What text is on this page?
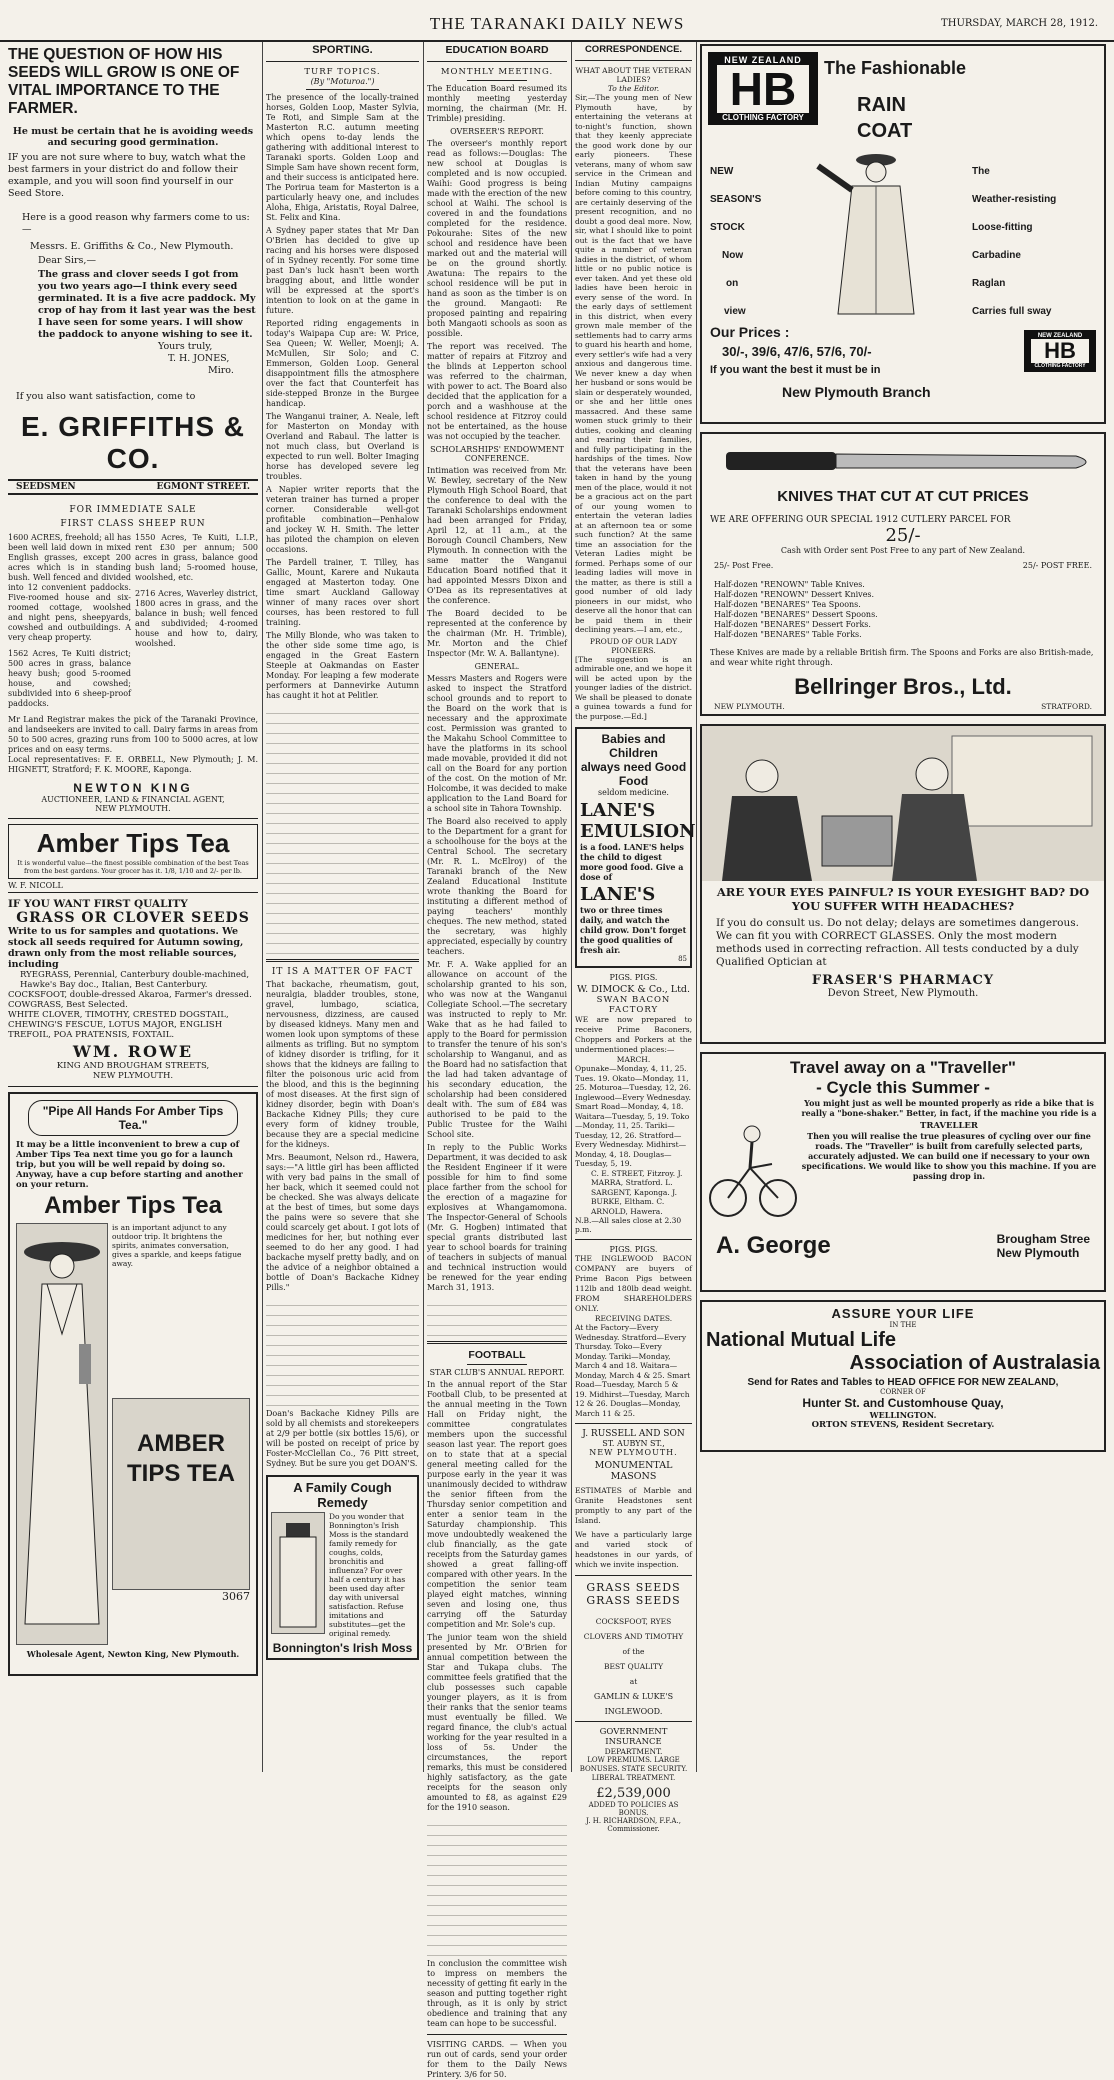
THE TARANAKI DAILY NEWS	THURSDAY, MARCH 28, 1912.

THE QUESTION OF HOW HIS SEEDS WILL GROW IS ONE OF VITAL IMPORTANCE TO THE FARMER.

He must be certain that he is avoiding weeds and securing good germination.

IF you are not sure where to buy, watch what the best farmers in your district do and follow their example, and you will soon find yourself in our Seed Store.

Here is a good reason why farmers come to us:—

Messrs. E. Griffiths & Co., New Plymouth.

Dear Sirs,—

The grass and clover seeds I got from you two years ago—I think every seed germinated. It is a five acre paddock. My crop of hay from it last year was the best I have seen for some years. I will show the paddock to anyone wishing to see it.

Yours truly,

T. H. JONES,

Miro.

If you also want satisfaction, come to

E. GRIFFITHS & CO.

SEEDSMEN	EGMONT STREET.

FOR IMMEDIATE SALE

FIRST CLASS SHEEP RUN

1600 ACRES, freehold; all has been well laid down in mixed English grasses, except 200 acres which is in standing bush. Well fenced and divided into 12 convenient paddocks. Five-roomed house and six-roomed cottage, woolshed and night pens, sheepyards, cowshed and outbuildings. A very cheap property.

1562 Acres, Te Kuiti district; 500 acres in grass, balance heavy bush; good 5-roomed house, and cowshed; subdivided into 6 sheep-proof paddocks.

1550 Acres, Te Kuiti, L.I.P., rent £30 per annum; 500 acres in grass, balance good bush land; 5-roomed house, woolshed, etc.

2716 Acres, Waverley district, 1800 acres in grass, and the balance in bush; well fenced and subdivided; 4-roomed house and how to, dairy, woolshed.

Mr Land Registrar makes the pick of the Taranaki Province, and landseekers are invited to call. Dairy farms in areas from 50 to 500 acres, grazing runs from 100 to 5000 acres, at low prices and on easy terms.

Local representatives: F. E. ORBELL, New Plymouth; J. M. HIGNETT, Stratford; F. K. MOORE, Kaponga.

NEWTON KING

AUCTIONEER, LAND & FINANCIAL AGENT,

NEW PLYMOUTH.

Amber Tips Tea

It is wonderful value—the finest possible combination of the best Teas from the best gardens. Your grocer has it. 1/8, 1/10 and 2/- per lb.

W. F. NICOLL

IF YOU WANT FIRST QUALITY

GRASS OR CLOVER SEEDS

Write to us for samples and quotations. We stock all seeds required for Autumn sowing, drawn only from the most reliable sources, including

RYEGRASS, Perennial, Canterbury double-machined, Hawke's Bay doc., Italian, Best Canterbury.

COCKSFOOT, double-dressed Akaroa, Farmer's dressed.

COWGRASS, Best Selected.

WHITE CLOVER, TIMOTHY, CRESTED DOGSTAIL, CHEWING'S FESCUE, LOTUS MAJOR, ENGLISH TREFOIL, POA PRATENSIS, FOXTAIL.

WM. ROWE

KING AND BROUGHAM STREETS,

NEW PLYMOUTH.

"Pipe All Hands For Amber Tips Tea."

It may be a little inconvenient to brew a cup of Amber Tips Tea next time you go for a launch trip, but you will be well repaid by doing so. Anyway, have a cup before starting and another on your return.

Amber Tips Tea

is an important adjunct to any outdoor trip. It brightens the spirits, animates conversation, gives a sparkle, and keeps fatigue away.

AMBER TIPS TEA

3067

Wholesale Agent, Newton King, New Plymouth.

SPORTING.

TURF TOPICS.

(By "Moturoa.")

The presence of the locally-trained horses, Golden Loop, Master Sylvia, Te Roti, and Simple Sam at the Masterton R.C. autumn meeting which opens to-day lends the gathering with additional interest to Taranaki sports. Golden Loop and Simple Sam have shown recent form, and their success is anticipated here. The Porirua team for Masterton is a particularly heavy one, and includes Aloha, Ehiga, Aristatis, Royal Dalree, St. Felix and Kina.

A Sydney paper states that Mr Dan O'Brien has decided to give up racing and his horses were disposed of in Sydney recently. For some time past Dan's luck hasn't been worth bragging about, and little wonder will be expressed at the sport's intention to look on at the game in future.

Reported riding engagements in today's Waipapa Cup are: W. Price, Sea Queen; W. Weller, Moenji; A. McMullen, Sir Solo; and C. Emmerson, Golden Loop. General disappointment fills the atmosphere over the fact that Counterfeit has side-stepped Bronze in the Burgee handicap.

The Wanganui trainer, A. Neale, left for Masterton on Monday with Overland and Rabaul. The latter is not much class, but Overland is expected to run well. Bolter Imaging horse has developed severe leg troubles.

A Napier writer reports that the veteran trainer has turned a proper corner. Considerable well-got profitable combination—Penhalow and jockey W. H. Smith. The letter has piloted the champion on eleven occasions.

The Pardell trainer, T. Tilley, has Gallic, Mount, Karere and Nukauta engaged at Masterton today. One time smart Auckland Galloway winner of many races over short courses, has been restored to full training.

The Milly Blonde, who was taken to the other side some time ago, is engaged in the Great Eastern Steeple at Oakmandas on Easter Monday. For leaping a few moderate performers at Dannevirke Autumn has caught it hot at Pelitler.

IT IS A MATTER OF FACT

That backache, rheumatism, gout, neuralgia, bladder troubles, stone, gravel, lumbago, sciatica, nervousness, dizziness, are caused by diseased kidneys. Many men and women look upon symptoms of these ailments as trifling. But no symptom of kidney disorder is trifling, for it shows that the kidneys are failing to filter the poisonous uric acid from the blood, and this is the beginning of most diseases. At the first sign of kidney disorder, begin with Doan's Backache Kidney Pills; they cure every form of kidney trouble, because they are a special medicine for the kidneys.

Mrs. Beaumont, Nelson rd., Hawera, says:—"A little girl has been afflicted with very bad pains in the small of her back, which it seemed could not be checked. She was always delicate at the best of times, but some days the pains were so severe that she could scarcely get about. I got lots of medicines for her, but nothing ever seemed to do her any good. I had backache myself pretty badly, and on the advice of a neighbor obtained a bottle of Doan's Backache Kidney Pills."

Doan's Backache Kidney Pills are sold by all chemists and storekeepers at 2/9 per bottle (six bottles 15/6), or will be posted on receipt of price by Foster-McClellan Co., 76 Pitt street, Sydney. But be sure you get DOAN'S.

A Family Cough Remedy

Do you wonder that Bonnington's Irish Moss is the standard family remedy for coughs, colds, bronchitis and influenza? For over half a century it has been used day after day with universal satisfaction. Refuse imitations and substitutes—get the original remedy.

Bonnington's Irish Moss

EDUCATION BOARD

MONTHLY MEETING.

The Education Board resumed its monthly meeting yesterday morning, the chairman (Mr. H. Trimble) presiding.

OVERSEER'S REPORT.

The overseer's monthly report read as follows:—Douglas: The new school at Douglas is completed and is now occupied. Waihi: Good progress is being made with the erection of the new school at Waihi. The school is covered in and the foundations completed for the residence. Pokourahe: Sites of the new school and residence have been marked out and the material will be on the ground shortly. Awatuna: The repairs to the school residence will be put in hand as soon as the timber is on the ground. Mangaoti: Re proposed painting and repairing both Mangaoti schools as soon as possible.

The report was received. The matter of repairs at Fitzroy and the blinds at Lepperton school was referred to the chairman, with power to act. The Board also decided that the application for a porch and a washhouse at the school residence at Fitzroy could not be entertained, as the house was not occupied by the teacher.

SCHOLARSHIPS' ENDOWMENT CONFERENCE.

Intimation was received from Mr. W. Bewley, secretary of the New Plymouth High School Board, that the conference to deal with the Taranaki Scholarships endowment had been arranged for Friday, April 12, at 11 a.m., at the Borough Council Chambers, New Plymouth. In connection with the same matter the Wanganui Education Board notified that it had appointed Messrs Dixon and O'Dea as its representatives at the conference.

The Board decided to be represented at the conference by the chairman (Mr. H. Trimble), Mr. Morton and the Chief Inspector (Mr. W. A. Ballantyne).

GENERAL.

Messrs Masters and Rogers were asked to inspect the Stratford school grounds and to report to the Board on the work that is necessary and the approximate cost. Permission was granted to the Makahu School Committee to have the platforms in its school made movable, provided it did not call on the Board for any portion of the cost. On the motion of Mr. Holcombe, it was decided to make application to the Land Board for a school site in Tahora Township.

The Board also received to apply to the Department for a grant for a schoolhouse for the boys at the Central School. The secretary (Mr. R. L. McElroy) of the Taranaki branch of the New Zealand Educational Institute wrote thanking the Board for instituting a different method of paying teachers' monthly cheques. The new method, stated the secretary, was highly appreciated, especially by country teachers.

Mr. F. A. Wake applied for an allowance on account of the scholarship granted to his son, who was now at the Wanganui Collegiate School.—The secretary was instructed to reply to Mr. Wake that as he had failed to apply to the Board for permission to transfer the tenure of his son's scholarship to Wanganui, and as the Board had no satisfaction that the lad had taken advantage of his secondary education, the scholarship had been considered dealt with. The sum of £84 was authorised to be paid to the Public Trustee for the Waihi School site.

In reply to the Public Works Department, it was decided to ask the Resident Engineer if it were possible for him to find some place farther from the school for the erection of a magazine for explosives at Whangamomona. The Inspector-General of Schools (Mr. G. Hogben) intimated that special grants distributed last year to school boards for training of teachers in subjects of manual and technical instruction would be renewed for the year ending March 31, 1913.

FOOTBALL

STAR CLUB'S ANNUAL REPORT.

In the annual report of the Star Football Club, to be presented at the annual meeting in the Town Hall on Friday night, the committee congratulates members upon the successful season last year. The report goes on to state that at a special general meeting called for the purpose early in the year it was unanimously decided to withdraw the senior fifteen from the Thursday senior competition and enter a senior team in the Saturday championship. This move undoubtedly weakened the club financially, as the gate receipts from the Saturday games showed a great falling-off compared with other years. In the competition the senior team played eight matches, winning seven and losing one, thus carrying off the Saturday competition and Mr. Sole's cup.

The junior team won the shield presented by Mr. O'Brien for annual competition between the Star and Tukapa clubs. The committee feels gratified that the club possesses such capable younger players, as it is from their ranks that the senior teams must eventually be filled. We regard finance, the club's actual working for the year resulted in a loss of 5s. Under the circumstances, the report remarks, this must be considered highly satisfactory, as the gate receipts for the season only amounted to £8, as against £29 for the 1910 season.

In conclusion the committee wish to impress on members the necessity of getting fit early in the season and putting together right through, as it is only by strict obedience and training that any team can hope to be successful.

VISITING CARDS. — When you run out of cards, send your order for them to the Daily News Printery. 3/6 for 50.

CORRESPONDENCE.

WHAT ABOUT THE VETERAN LADIES?

To the Editor.

Sir,—The young men of New Plymouth have, by entertaining the veterans at to-night's function, shown that they keenly appreciate the good work done by our early pioneers. These veterans, many of whom saw service in the Crimean and Indian Mutiny campaigns before coming to this country, are certainly deserving of the present recognition, and no doubt a good deal more. Now, sir, what I should like to point out is the fact that we have quite a number of veteran ladies in the district, of whom little or no public notice is ever taken. And yet these old ladies have been heroic in every sense of the word. In the early days of settlement in this district, when every grown male member of the settlements had to carry arms to guard his hearth and home, every settler's wife had a very anxious and dangerous time. We never knew a day when her husband or sons would be slain or desperately wounded, or she and her little ones massacred. And these same women stuck grimly to their duties, cooking and cleaning and rearing their families, and fully participating in the hardships of the times. Now that the veterans have been taken in hand by the young men of the place, would it not be a gracious act on the part of our young women to entertain the veteran ladies at an afternoon tea or some such function? At the same time an association for the Veteran Ladies might be formed. Perhaps some of our leading ladies will move in the matter, as there is still a good number of old lady pioneers in our midst, who deserve all the honor that can be paid them in their declining years.—I am, etc.,

PROUD OF OUR LADY PIONEERS.

[The suggestion is an admirable one, and we hope it will be acted upon by the younger ladies of the district. We shall be pleased to donate a guinea towards a fund for the purpose.—Ed.]

Babies and Children

always need Good Food

seldom medicine.

LANE'S

EMULSION

is a food. LANE'S helps the child to digest more good food. Give a dose of

LANE'S

two or three times daily, and watch the child grow. Don't forget the good qualities of fresh air.

85

PIGS. PIGS.

W. DIMOCK & Co., Ltd.

SWAN BACON FACTORY

WE are now prepared to receive Prime Baconers, Choppers and Porkers at the undermentioned places:—

MARCH.

Opunake—Monday, 4, 11, 25. Tues. 19. Okato—Monday, 11, 25. Moturoa—Tuesday, 12, 26. Inglewood—Every Wednesday. Smart Road—Monday, 4, 18. Waitara—Tuesday, 5, 19. Toko—Monday, 11, 25. Tariki—Tuesday, 12, 26. Stratford—Every Wednesday. Midhirst—Monday, 4, 18. Douglas—Tuesday, 5, 19.

C. E. STREET, Fitzroy. J. MARRA, Stratford. L. SARGENT, Kaponga. J. BURKE, Eltham. C. ARNOLD, Hawera.

N.B.—All sales close at 2.30 p.m.

PIGS. PIGS.

THE INGLEWOOD BACON COMPANY are buyers of Prime Bacon Pigs between 112lb and 180lb dead weight. FROM SHAREHOLDERS ONLY.

RECEIVING DATES.

At the Factory—Every Wednesday. Stratford—Every Thursday. Toko—Every Monday. Tariki—Monday, March 4 and 18. Waitara—Monday, March 4 & 25. Smart Road—Tuesday, March 5 & 19. Midhirst—Tuesday, March 12 & 26. Douglas—Monday, March 11 & 25.

J. RUSSELL AND SON

ST. AUBYN ST.,

NEW PLYMOUTH.

MONUMENTAL MASONS

ESTIMATES of Marble and Granite Headstones sent promptly to any part of the Island.

We have a particularly large and varied stock of headstones in our yards, of which we invite inspection.

GRASS SEEDS

GRASS SEEDS

COCKSFOOT, RYES

CLOVERS AND TIMOTHY

of the

BEST QUALITY

at

GAMLIN & LUKE'S

INGLEWOOD.

GOVERNMENT INSURANCE

DEPARTMENT.

LOW PREMIUMS. LARGE BONUSES. STATE SECURITY. LIBERAL TREATMENT.

£2,539,000

ADDED TO POLICIES AS BONUS.

J. H. RICHARDSON, F.F.A., Commissioner.

NEW ZEALAND
HB
CLOTHING FACTORY

The Fashionable

RAIN

COAT

NEW
SEASON'S
STOCK
Now
on
view
The
Weather-resisting
Loose-fitting
Carbadine
Raglan
Carries full sway

Our Prices :

30/-, 39/6, 47/6, 57/6, 70/-

NEW ZEALAND
HB
CLOTHING FACTORY

If you want the best it must be in

New Plymouth Branch

KNIVES THAT CUT AT CUT PRICES

WE ARE OFFERING OUR SPECIAL 1912 CUTLERY PARCEL FOR

25/-

Cash with Order sent Post Free to any part of New Zealand.

25/- Post Free.	25/- POST FREE.
Half-dozen "RENOWN" Table Knives.
Half-dozen "RENOWN" Dessert Knives.
Half-dozen "BENARES" Tea Spoons.
Half-dozen "BENARES" Dessert Spoons.
Half-dozen "BENARES" Dessert Forks.
Half-dozen "BENARES" Table Forks.

These Knives are made by a reliable British firm. The Spoons and Forks are also British-made, and wear white right through.

Bellringer Bros., Ltd.

NEW PLYMOUTH.	STRATFORD.

ARE YOUR EYES PAINFUL? IS YOUR EYESIGHT BAD? DO YOU SUFFER WITH HEADACHES?

If you do consult us. Do not delay; delays are sometimes dangerous. We can fit you with CORRECT GLASSES. Only the most modern methods used in correcting refraction. All tests conducted by a duly Qualified Optician at

FRASER'S PHARMACY

Devon Street, New Plymouth.

Travel away on a "Traveller"

- Cycle this Summer -

You might just as well be mounted properly as ride a bike that is really a "bone-shaker." Better, in fact, if the machine you ride is a

TRAVELLER

Then you will realise the true pleasures of cycling over our fine roads. The "Traveller" is built from carefully selected parts, accurately adjusted. We can build one if necessary to your own specifications. We would like to show you this machine. If you are passing drop in.

A. George	Brougham Stree
New Plymouth

ASSURE YOUR LIFE

IN THE

National Mutual Life

Association of Australasia

Send for Rates and Tables to HEAD OFFICE FOR NEW ZEALAND,

CORNER OF

Hunter St. and Customhouse Quay,

WELLINGTON.

ORTON STEVENS, Resident Secretary.
